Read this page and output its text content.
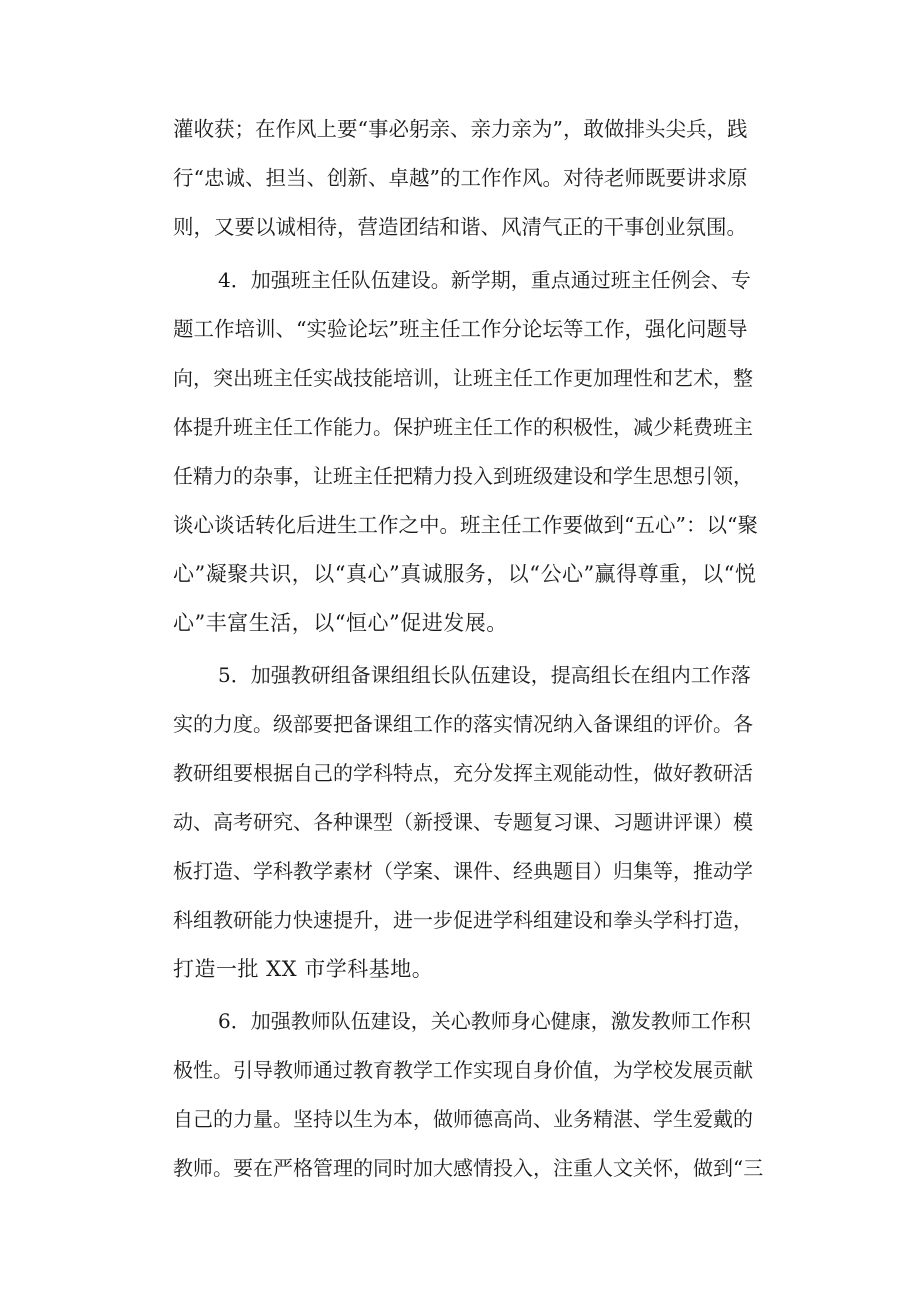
灌收获；在作风上要“事必躬亲、亲力亲为”，敢做排头尖兵，践
行“忠诚、担当、创新、卓越”的工作作风。对待老师既要讲求原
则，又要以诚相待，营造团结和谐、风清气正的干事创业氛围。
4．加强班主任队伍建设。新学期，重点通过班主任例会、专
题工作培训、“实验论坛”班主任工作分论坛等工作，强化问题导
向，突出班主任实战技能培训，让班主任工作更加理性和艺术，整
体提升班主任工作能力。保护班主任工作的积极性，减少耗费班主
任精力的杂事，让班主任把精力投入到班级建设和学生思想引领，
谈心谈话转化后进生工作之中。班主任工作要做到“五心”：以“聚
心”凝聚共识，以“真心”真诚服务，以“公心”赢得尊重，以“悦
心”丰富生活，以“恒心”促进发展。
5．加强教研组备课组组长队伍建设，提高组长在组内工作落
实的力度。级部要把备课组工作的落实情况纳入备课组的评价。各
教研组要根据自己的学科特点，充分发挥主观能动性，做好教研活
动、高考研究、各种课型（新授课、专题复习课、习题讲评课）模
板打造、学科教学素材（学案、课件、经典题目）归集等，推动学
科组教研能力快速提升，进一步促进学科组建设和拳头学科打造，
打造一批 XX 市学科基地。
6．加强教师队伍建设，关心教师身心健康，激发教师工作积
极性。引导教师通过教育教学工作实现自身价值，为学校发展贡献
自己的力量。坚持以生为本，做师德高尚、业务精湛、学生爱戴的
教师。要在严格管理的同时加大感情投入，注重人文关怀，做到“三
